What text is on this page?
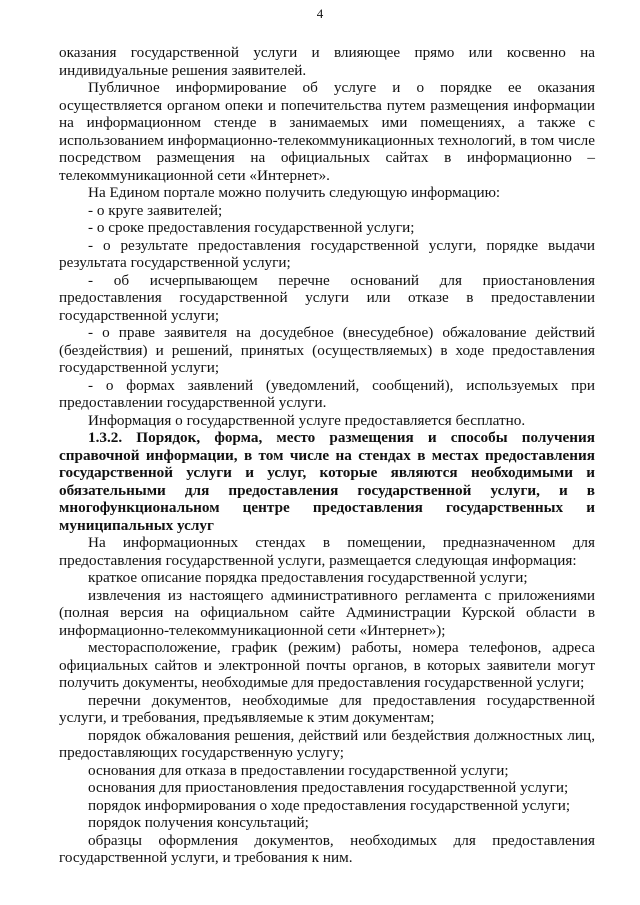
4

оказания государственной услуги и влияющее прямо или косвенно на индивидуальные решения заявителей.

Публичное информирование об услуге и о порядке ее оказания осуществляется органом опеки и попечительства путем размещения информации на информационном стенде в занимаемых ими помещениях, а также с использованием информационно-телекоммуникационных технологий, в том числе посредством размещения на официальных сайтах в информационно – телекоммуникационной сети «Интернет».

На Едином портале можно получить следующую информацию:

- о круге заявителей;

- о сроке предоставления государственной услуги;

- о результате предоставления государственной услуги, порядке выдачи результата государственной услуги;

- об исчерпывающем перечне оснований для приостановления предоставления государственной услуги или отказе в предоставлении государственной услуги;

- о праве заявителя на досудебное (внесудебное) обжалование действий (бездействия) и решений, принятых (осуществляемых) в ходе предоставления государственной услуги;

- о формах заявлений (уведомлений, сообщений), используемых при предоставлении государственной услуги.

Информация о государственной услуге предоставляется бесплатно.

1.3.2. Порядок, форма, место размещения и способы получения справочной информации, в том числе на стендах в местах предоставления государственной услуги и услуг, которые являются необходимыми и обязательными для предоставления государственной услуги, и в многофункциональном центре предоставления государственных и муниципальных услуг

На информационных стендах в помещении, предназначенном для предоставления государственной услуги, размещается следующая информация:

краткое описание порядка предоставления государственной услуги;

извлечения из настоящего административного регламента с приложениями (полная версия на официальном сайте Администрации Курской области в информационно-телекоммуникационной сети «Интернет»);

месторасположение, график (режим) работы, номера телефонов, адреса официальных сайтов и электронной почты органов, в которых заявители могут получить документы, необходимые для предоставления государственной услуги;

перечни документов, необходимые для предоставления государственной услуги, и требования, предъявляемые к этим документам;

порядок обжалования решения, действий или бездействия должностных лиц, предоставляющих государственную услугу;

основания для отказа в предоставлении государственной услуги;

основания для приостановления предоставления государственной услуги;

порядок информирования о ходе предоставления государственной услуги;

порядок получения консультаций;

образцы оформления документов, необходимых для предоставления государственной услуги, и требования к ним.
